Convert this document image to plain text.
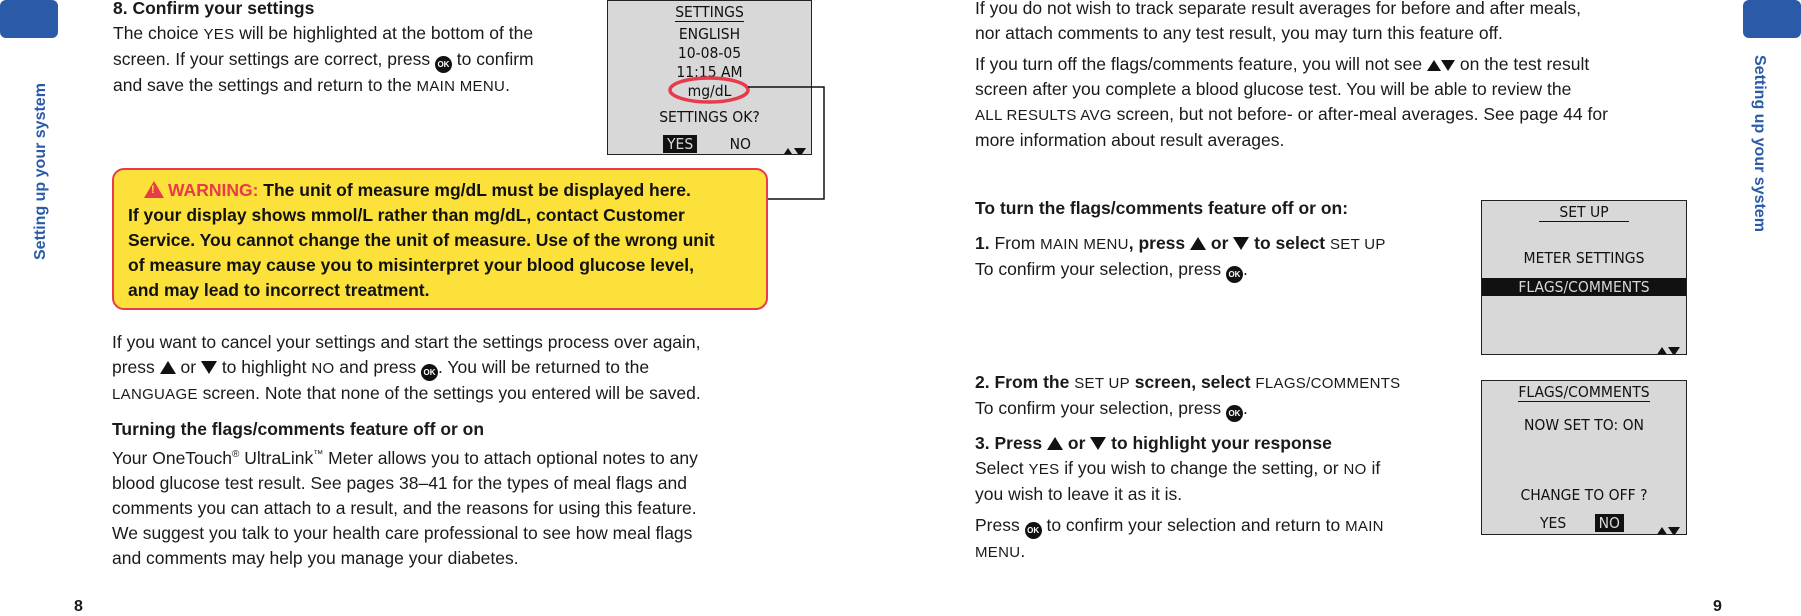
Setting up your system
8
8. Confirm your settings
The choice YES will be highlighted at the bottom of the
screen. If your settings are correct, press OK to confirm
and save the settings and return to the MAIN MENU.
SETTINGS
ENGLISH
10-08-05
11:15 AM
mg/dL
SETTINGS OK?
YES NO
! WARNING: The unit of measure mg/dL must be displayed here.
If your display shows mmol/L rather than mg/dL, contact Customer
Service. You cannot change the unit of measure. Use of the wrong unit
of measure may cause you to misinterpret your blood glucose level,
and may lead to incorrect treatment.
If you want to cancel your settings and start the settings process over again,
press  or  to highlight NO and press OK . You will be returned to the
LANGUAGE screen. Note that none of the settings you entered will be saved.
Turning the flags/comments feature off or on
Your OneTouch® UltraLink™ Meter allows you to attach optional notes to any
blood glucose test result. See pages 38–41 for the types of meal flags and
comments you can attach to a result, and the reasons for using this feature.
We suggest you talk to your health care professional to see how meal flags
and comments may help you manage your diabetes.
Setting up your system
9
If you do not wish to track separate result averages for before and after meals,
nor attach comments to any test result, you may turn this feature off.
If you turn off the flags/comments feature, you will not see  on the test result
screen after you complete a blood glucose test. You will be able to review the
ALL RESULTS AVG screen, but not before- or after-meal averages. See page 44 for
more information about result averages.
To turn the flags/comments feature off or on:
1. From MAIN MENU, press  or  to select SET UP
To confirm your selection, press OK .
SET UP
METER SETTINGS
FLAGS/COMMENTS
2. From the SET UP screen, select FLAGS/COMMENTS
To confirm your selection, press OK .
3. Press  or  to highlight your response
Select YES if you wish to change the setting, or NO if
you wish to leave it as it is.
Press OK to confirm your selection and return to MAIN
MENU.
FLAGS/COMMENTS
NOW SET TO: ON
CHANGE TO OFF ?
YES NO
